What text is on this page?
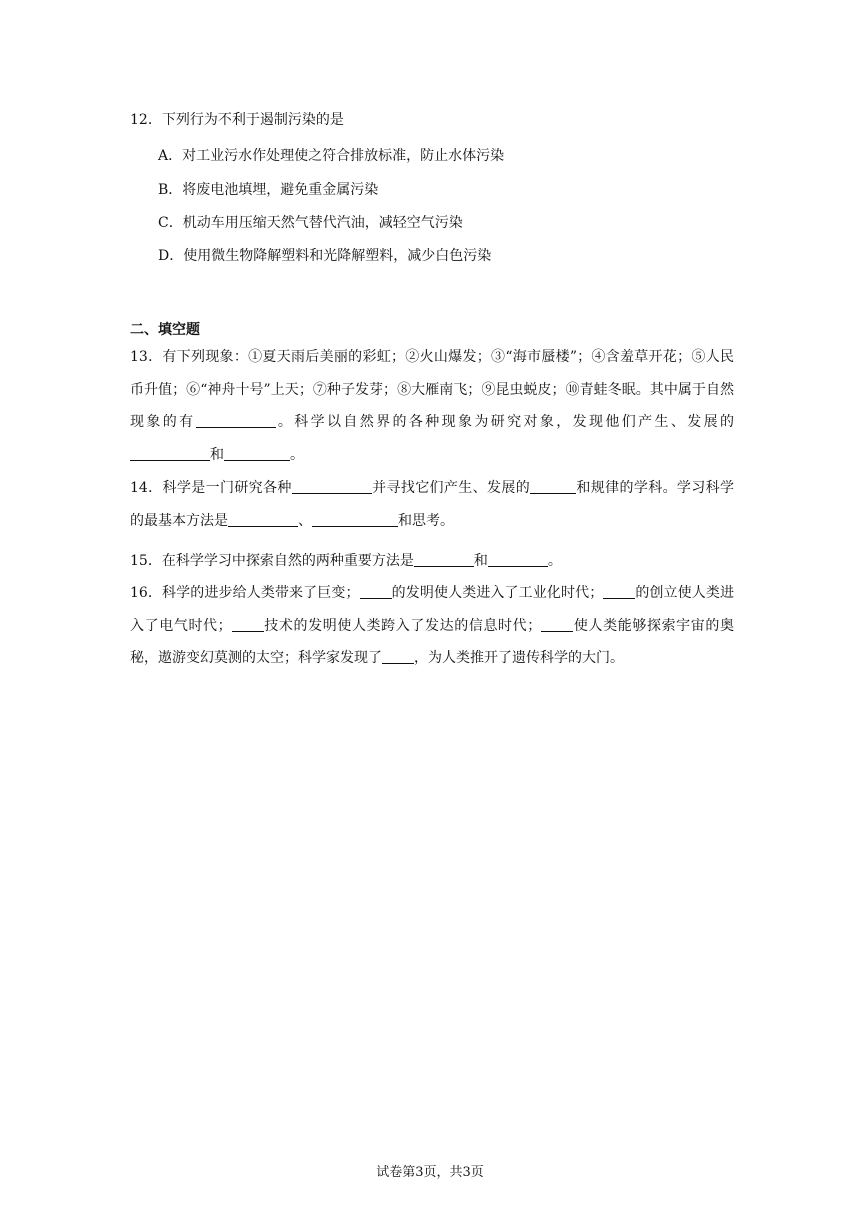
12．下列行为不利于遏制污染的是
A．对工业污水作处理使之符合排放标准，防止水体污染
B．将废电池填埋，避免重金属污染
C．机动车用压缩天然气替代汽油，减轻空气污染
D．使用微生物降解塑料和光降解塑料，减少白色污染
二、填空题
13．有下列现象：①夏天雨后美丽的彩虹；②火山爆发；③“海市蜃楼”；④含羞草开花；⑤人民币升值；⑥“神舟十号”上天；⑦种子发芽；⑧大雁南飞；⑨昆虫蜕皮；⑩青蛙冬眠。其中属于自然现象的有	。科学以自然界的各种现象为研究对象，发现他们产生、发展的和	。
14．科学是一门研究各种	并寻找它们产生、发展的	和规律的学科。学习科学的最基本方法是	、	和思考。
15．在科学学习中探索自然的两种重要方法是	和	。
16．科学的进步给人类带来了巨变； 的发明使人类进入了工业化时代； 的创立使人类进入了电气时代； 技术的发明使人类跨入了发达的信息时代； 使人类能够探索宇宙的奥秘，遨游变幻莫测的太空；科学家发现了 ，为人类推开了遗传科学的大门。
试卷第3页，共3页
